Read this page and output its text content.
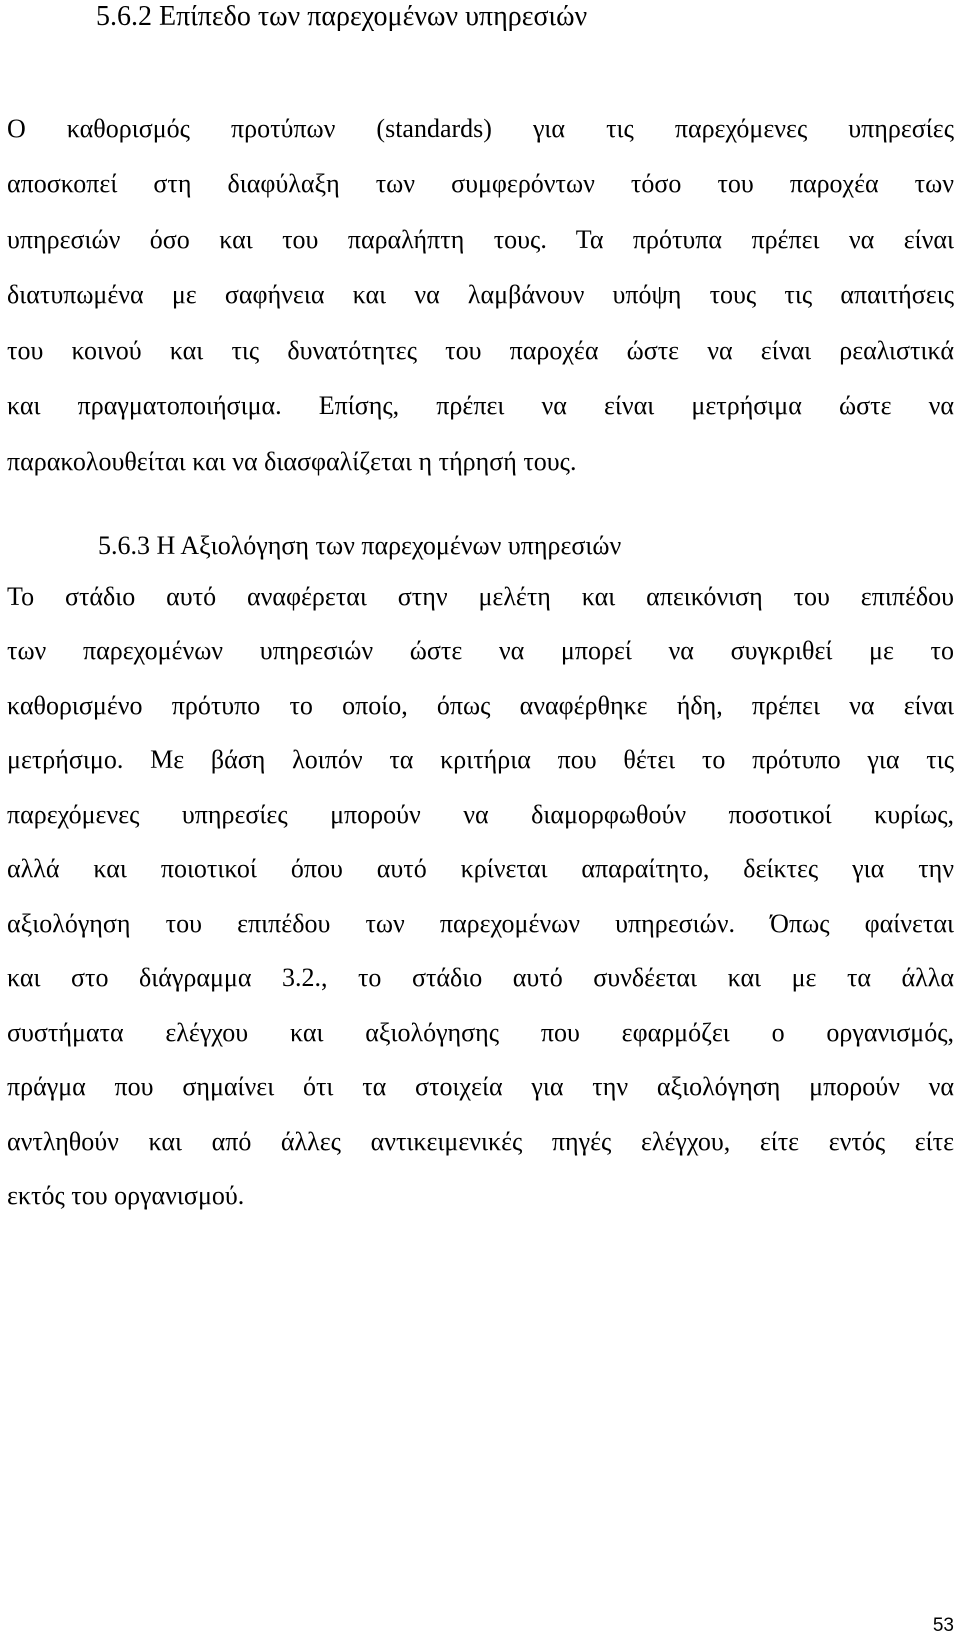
5.6.2 Επίπεδο των παρεχομένων υπηρεσιών
Ο καθορισμός προτύπων (standards) για τις παρεχόμενες υπηρεσίες
αποσκοπεί στη διαφύλαξη των συμφερόντων τόσο του παροχέα των
υπηρεσιών όσο και του παραλήπτη τους. Τα πρότυπα πρέπει να είναι
διατυπωμένα με σαφήνεια και να λαμβάνουν υπόψη τους τις απαιτήσεις
του κοινού και τις δυνατότητες του παροχέα ώστε να είναι ρεαλιστικά
και πραγματοποιήσιμα. Επίσης, πρέπει να είναι μετρήσιμα ώστε να
παρακολουθείται και να διασφαλίζεται η τήρησή τους.
5.6.3 Η Αξιολόγηση των παρεχομένων υπηρεσιών
Το στάδιο αυτό αναφέρεται στην μελέτη και απεικόνιση του επιπέδου
των παρεχομένων υπηρεσιών ώστε να μπορεί να συγκριθεί με το
καθορισμένο πρότυπο το οποίο, όπως αναφέρθηκε ήδη, πρέπει να είναι
μετρήσιμο. Με βάση λοιπόν τα κριτήρια που θέτει το πρότυπο για τις
παρεχόμενες υπηρεσίες μπορούν να διαμορφωθούν ποσοτικοί κυρίως,
αλλά και ποιοτικοί όπου αυτό κρίνεται απαραίτητο, δείκτες για την
αξιολόγηση του επιπέδου των παρεχομένων υπηρεσιών. Όπως φαίνεται
και στο διάγραμμα 3.2., το στάδιο αυτό συνδέεται και με τα άλλα
συστήματα ελέγχου και αξιολόγησης που εφαρμόζει ο οργανισμός,
πράγμα που σημαίνει ότι τα στοιχεία για την αξιολόγηση μπορούν να
αντληθούν και από άλλες αντικειμενικές πηγές ελέγχου, είτε εντός είτε
εκτός του οργανισμού.
53
